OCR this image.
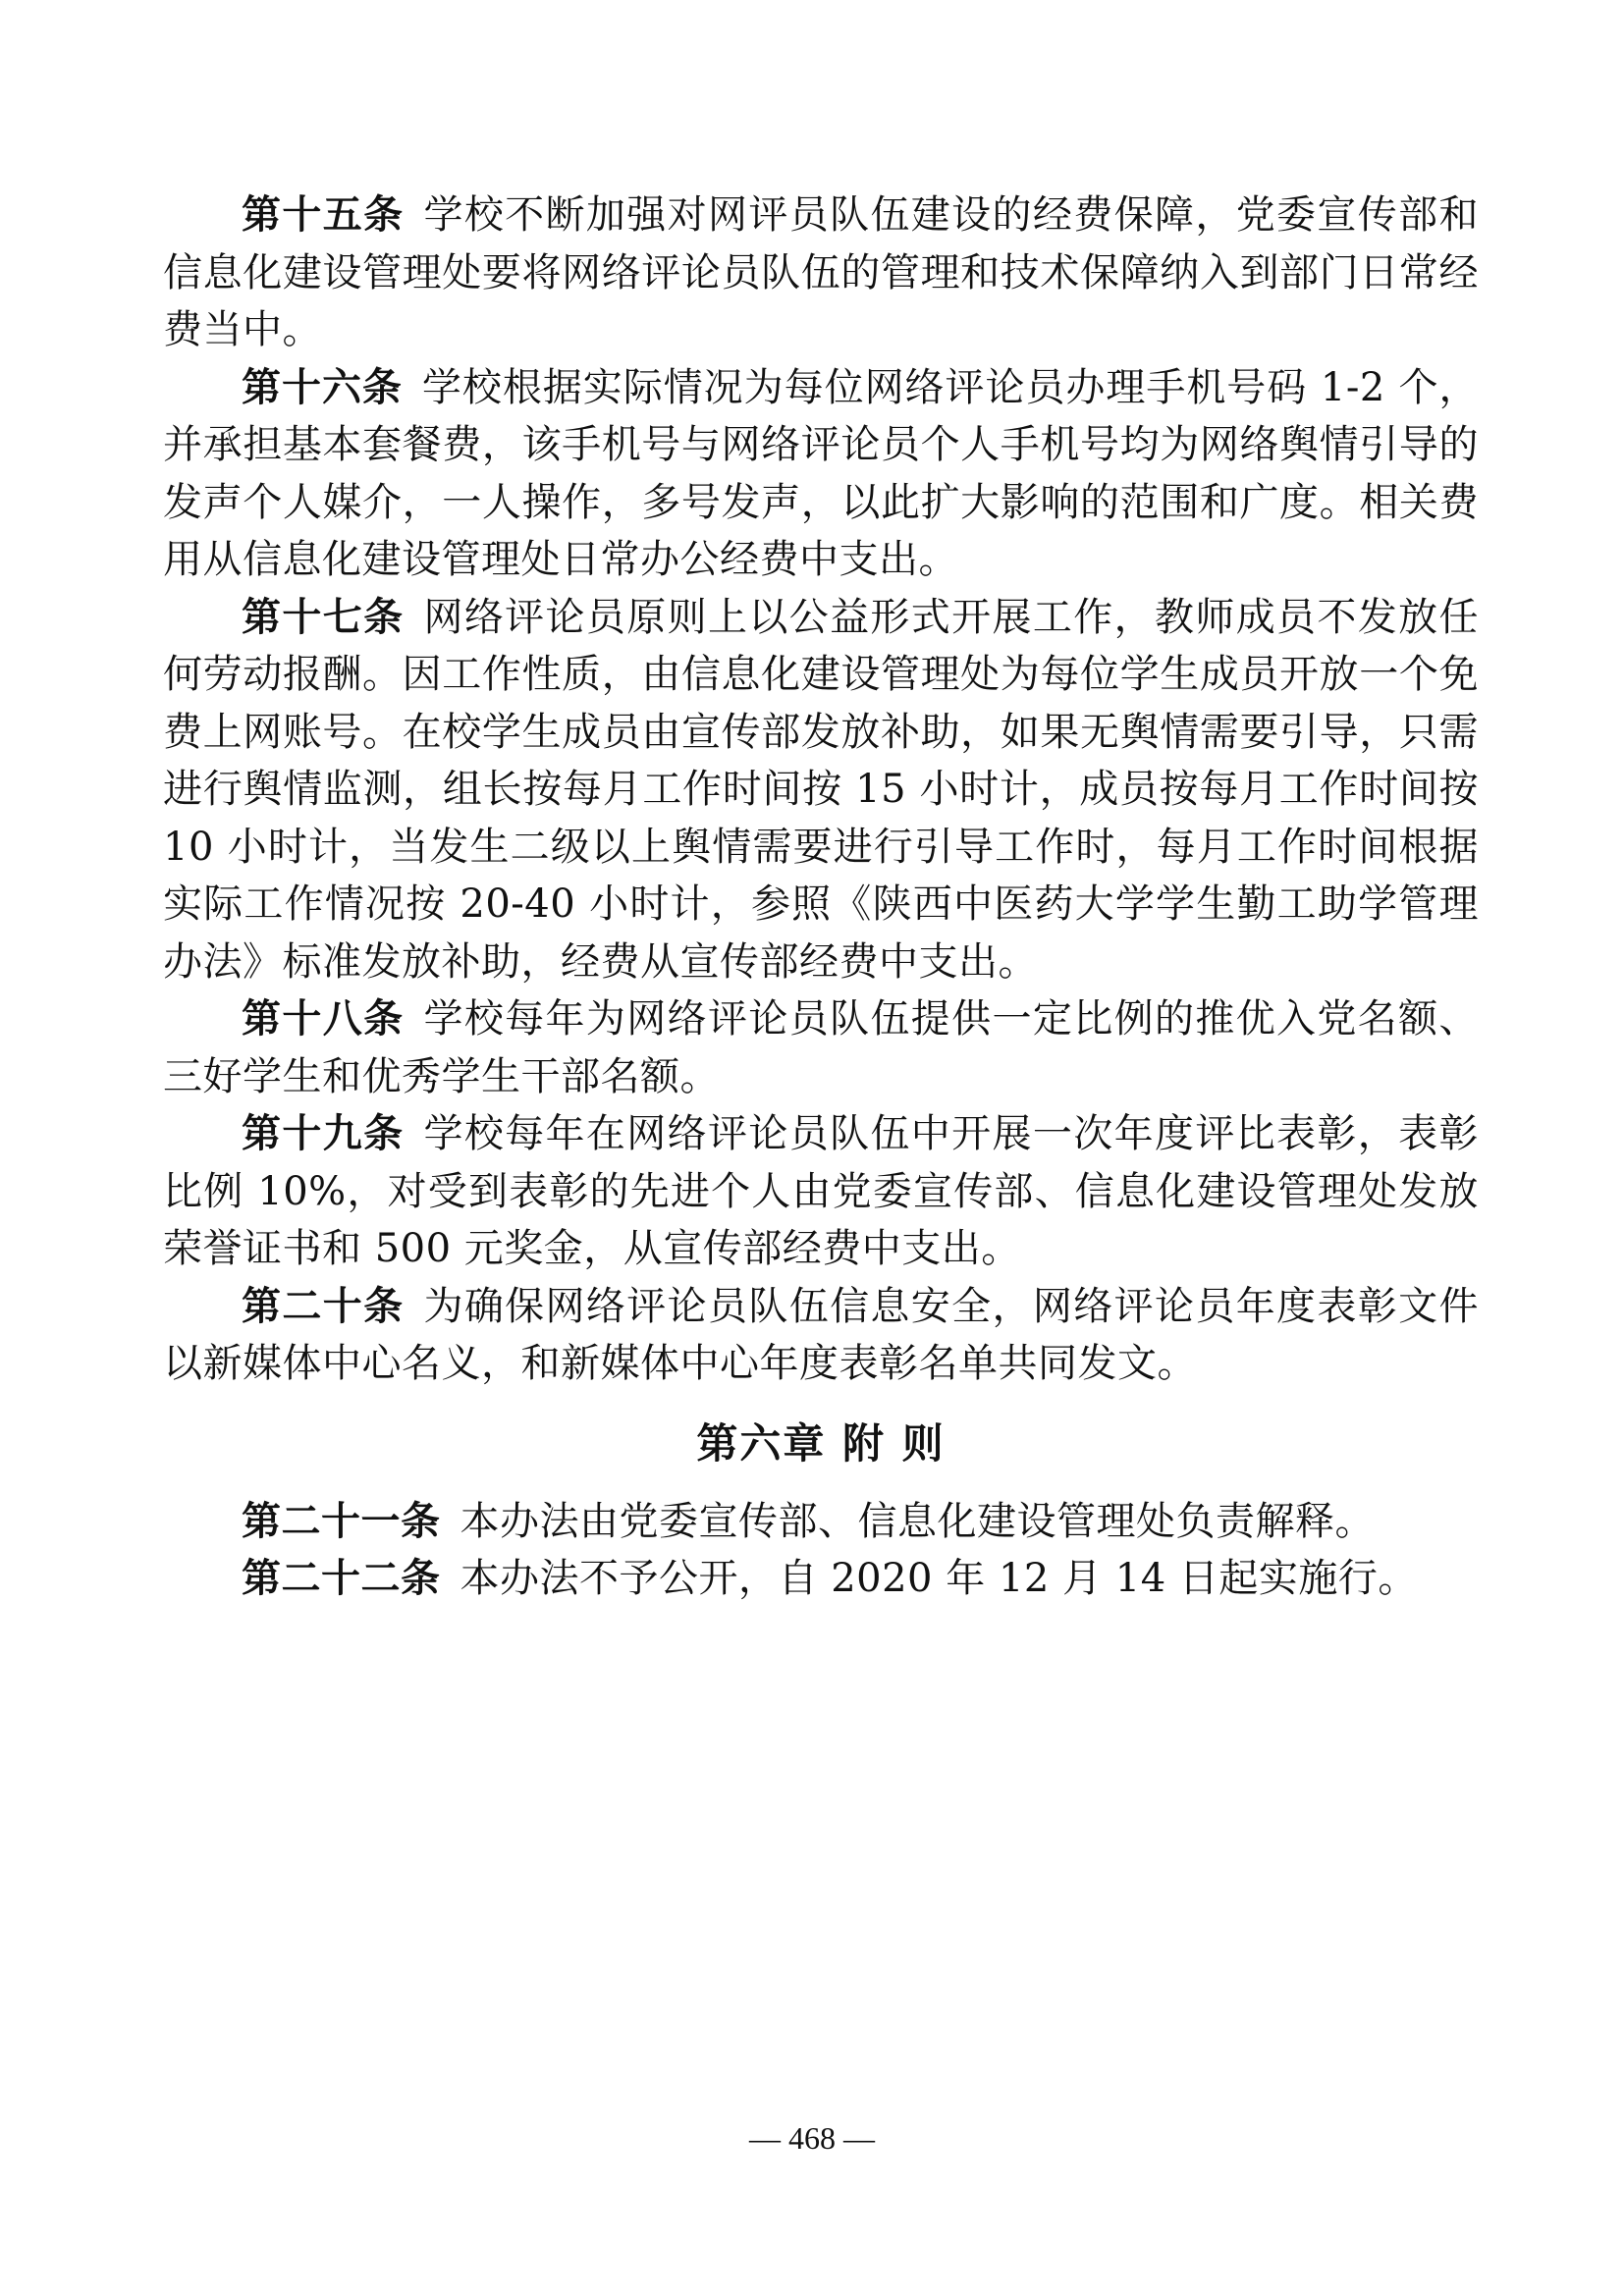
第十五条 学校不断加强对网评员队伍建设的经费保障，党委宣传部和信息化建设管理处要将网络评论员队伍的管理和技术保障纳入到部门日常经费当中。

第十六条 学校根据实际情况为每位网络评论员办理手机号码 1-2 个，并承担基本套餐费，该手机号与网络评论员个人手机号均为网络舆情引导的发声个人媒介，一人操作，多号发声，以此扩大影响的范围和广度。相关费用从信息化建设管理处日常办公经费中支出。

第十七条 网络评论员原则上以公益形式开展工作，教师成员不发放任何劳动报酬。因工作性质，由信息化建设管理处为每位学生成员开放一个免费上网账号。在校学生成员由宣传部发放补助，如果无舆情需要引导，只需进行舆情监测，组长按每月工作时间按 15 小时计，成员按每月工作时间按 10 小时计，当发生二级以上舆情需要进行引导工作时，每月工作时间根据实际工作情况按 20-40 小时计，参照《陕西中医药大学学生勤工助学管理办法》标准发放补助，经费从宣传部经费中支出。

第十八条 学校每年为网络评论员队伍提供一定比例的推优入党名额、三好学生和优秀学生干部名额。

第十九条 学校每年在网络评论员队伍中开展一次年度评比表彰，表彰比例 10%，对受到表彰的先进个人由党委宣传部、信息化建设管理处发放荣誉证书和 500 元奖金，从宣传部经费中支出。

第二十条 为确保网络评论员队伍信息安全，网络评论员年度表彰文件以新媒体中心名义，和新媒体中心年度表彰名单共同发文。

第六章 附 则

第二十一条 本办法由党委宣传部、信息化建设管理处负责解释。

第二十二条 本办法不予公开，自 2020 年 12 月 14 日起实施行。

— 468 —
